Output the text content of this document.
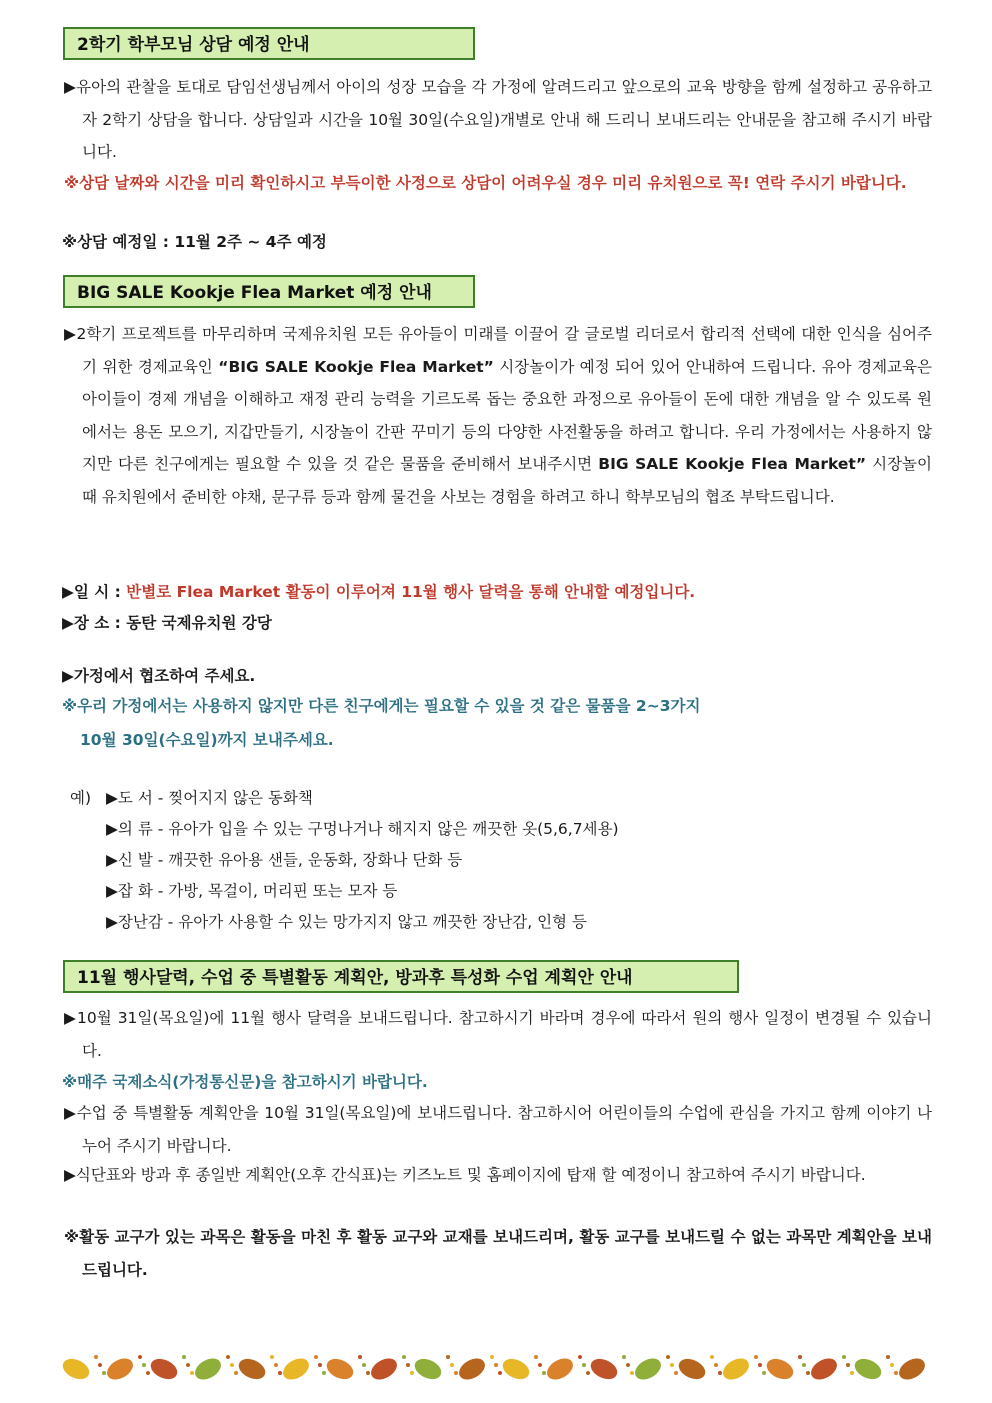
2학기 학부모님 상담 예정 안내
▶유아의 관찰을 토대로 담임선생님께서 아이의 성장 모습을 각 가정에 알려드리고 앞으로의 교육 방향을 함께 설정하고 공유하고자 2학기 상담을 합니다. 상담일과 시간을 10월 30일(수요일)개별로 안내 해 드리니 보내드리는 안내문을 참고해 주시기 바랍니다.
※상담 날짜와 시간을 미리 확인하시고 부득이한 사정으로 상담이 어려우실 경우 미리 유치원으로 꼭! 연락 주시기 바랍니다.
※상담 예정일 : 11월 2주 ~ 4주 예정
BIG SALE Kookje Flea Market 예정 안내
▶2학기 프로젝트를 마무리하며 국제유치원 모든 유아들이 미래를 이끌어 갈 글로벌 리더로서 합리적 선택에 대한 인식을 심어주기 위한 경제교육인 “BIG SALE Kookje Flea Market” 시장놀이가 예정 되어 있어 안내하여 드립니다. 유아 경제교육은 아이들이 경제 개념을 이해하고 재정 관리 능력을 기르도록 돕는 중요한 과정으로 유아들이 돈에 대한 개념을 알 수 있도록 원에서는 용돈 모으기, 지갑만들기, 시장놀이 간판 꾸미기 등의 다양한 사전활동을 하려고 합니다. 우리 가정에서는 사용하지 않지만 다른 친구에게는 필요할 수 있을 것 같은 물품을 준비해서 보내주시면 BIG SALE Kookje Flea Market” 시장놀이 때 유치원에서 준비한 야채, 문구류 등과 함께 물건을 사보는 경험을 하려고 하니 학부모님의 협조 부탁드립니다.
▶일 시 : 반별로 Flea Market 활동이 이루어져 11월 행사 달력을 통해 안내할 예정입니다.
▶장 소 : 동탄 국제유치원 강당
▶가정에서 협조하여 주세요.
※우리 가정에서는 사용하지 않지만 다른 친구에게는 필요할 수 있을 것 같은 물품을 2~3가지
10월 30일(수요일)까지 보내주세요.
예) ▶도 서 - 찢어지지 않은 동화책
▶의 류 - 유아가 입을 수 있는 구멍나거나 해지지 않은 깨끗한 옷(5,6,7세용)
▶신 발 - 깨끗한 유아용 샌들, 운동화, 장화나 단화 등
▶잡 화 - 가방, 목걸이, 머리핀 또는 모자 등
▶장난감 - 유아가 사용할 수 있는 망가지지 않고 깨끗한 장난감, 인형 등
11월 행사달력, 수업 중 특별활동 계획안, 방과후 특성화 수업 계획안 안내
▶10월 31일(목요일)에 11월 행사 달력을 보내드립니다. 참고하시기 바라며 경우에 따라서 원의 행사 일정이 변경될 수 있습니다.
※매주 국제소식(가정통신문)을 참고하시기 바랍니다.
▶수업 중 특별활동 계획안을 10월 31일(목요일)에 보내드립니다. 참고하시어 어린이들의 수업에 관심을 가지고 함께 이야기 나누어 주시기 바랍니다.
▶식단표와 방과 후 종일반 계획안(오후 간식표)는 키즈노트 및 홈페이지에 탑재 할 예정이니 참고하여 주시기 바랍니다.
※활동 교구가 있는 과목은 활동을 마친 후 활동 교구와 교재를 보내드리며, 활동 교구를 보내드릴 수 없는 과목만 계획안을 보내드립니다.
